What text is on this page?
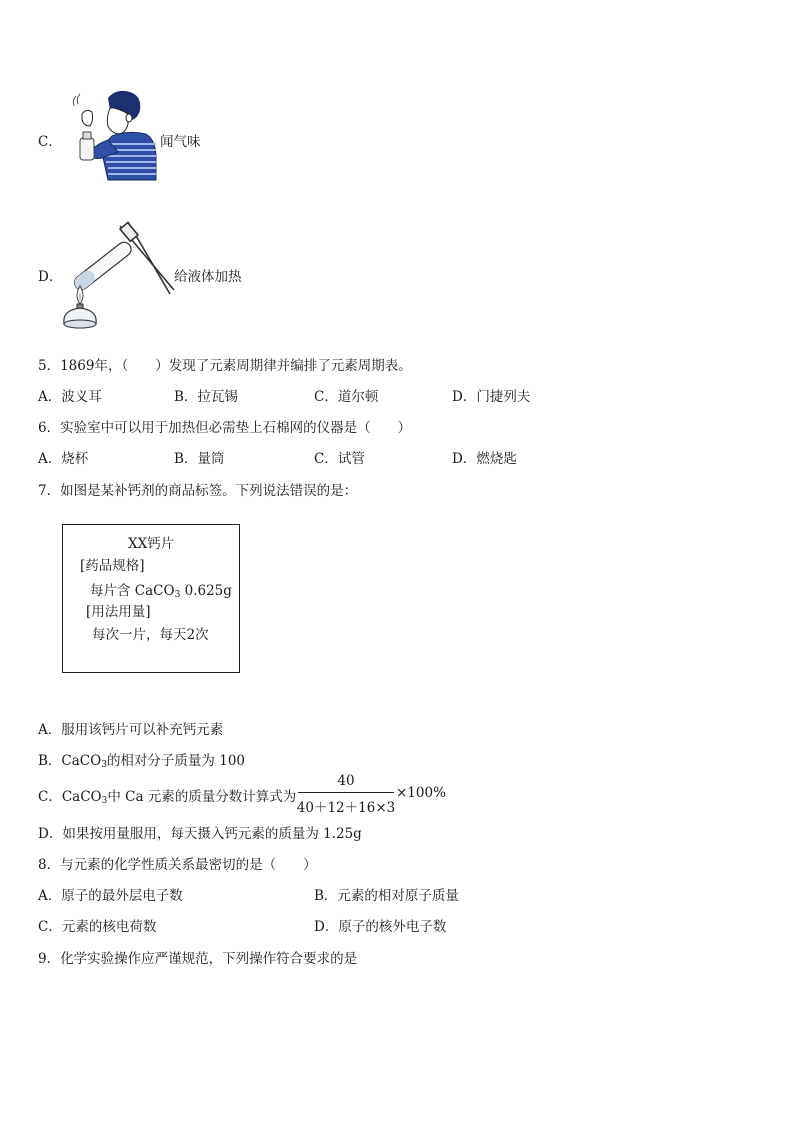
C．	闻气味
D．	给液体加热
5．1869年，（　　）发现了元素周期律并编排了元素周期表。
A．波义耳	B．拉瓦锡	C．道尔顿	D．门捷列夫
6．实验室中可以用于加热但必需垫上石棉网的仪器是（　　）
A．烧杯	B．量筒	C．试管	D．燃烧匙
7．如图是某补钙剂的商品标签。下列说法错误的是：
XX钙片
[药品规格]
每片含 CaCO$_3$ 0.625g
[用法用量]
每次一片，每天2次
A．服用该钙片可以补充钙元素
B．CaCO$_3$的相对分子质量为 100
C．CaCO$_3$中 Ca 元素的质量分数计算式为
40
40＋12＋16×3
×100%
D．如果按用量服用，每天摄入钙元素的质量为 1.25g
8．与元素的化学性质关系最密切的是（　　）
A．原子的最外层电子数	B．元素的相对原子质量
C．元素的核电荷数	D．原子的核外电子数
9．化学实验操作应严谨规范，下列操作符合要求的是
